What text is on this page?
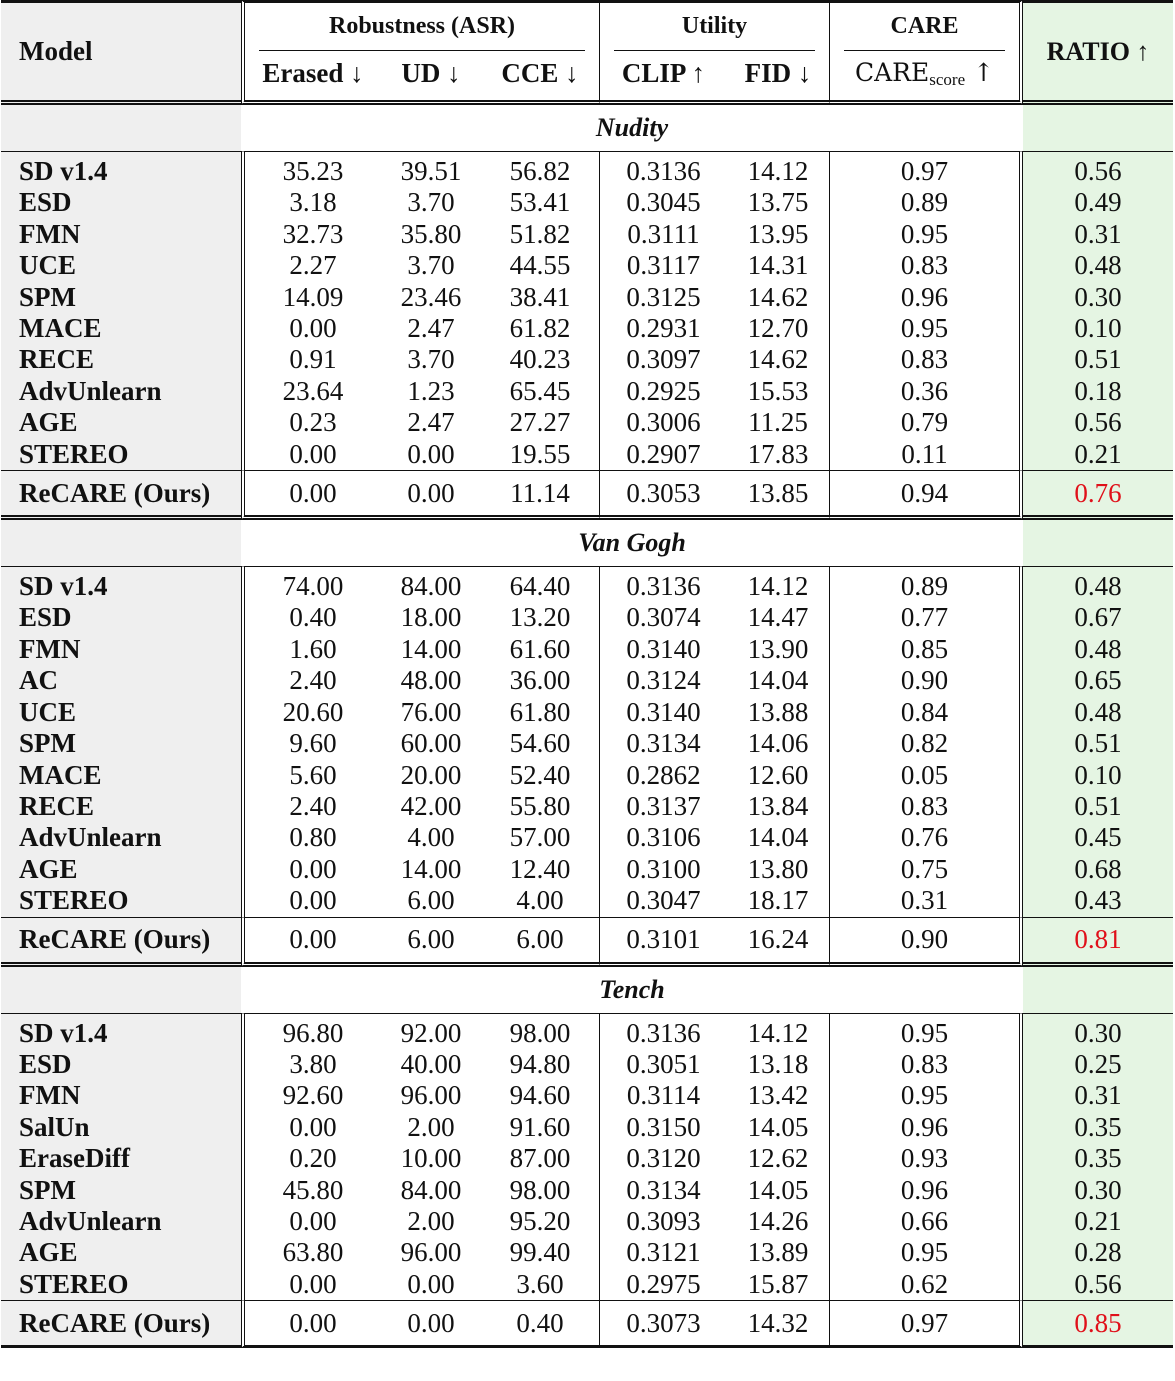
Model	Robustness (ASR)			Utility		CARE	RATIO ↑
	Erased ↓	UD ↓	CCE ↓	CLIP ↑	FID ↓	$CARE_{score}$ ↑	
	Nudity						
SD v1.4	35.23	39.51	56.82	0.3136	14.12	0.97	0.56
ESD	3.18	3.70	53.41	0.3045	13.75	0.89	0.49
FMN	32.73	35.80	51.82	0.3111	13.95	0.95	0.31
UCE	2.27	3.70	44.55	0.3117	14.31	0.83	0.48
SPM	14.09	23.46	38.41	0.3125	14.62	0.96	0.30
MACE	0.00	2.47	61.82	0.2931	12.70	0.95	0.10
RECE	0.91	3.70	40.23	0.3097	14.62	0.83	0.51
AdvUnlearn	23.64	1.23	65.45	0.2925	15.53	0.36	0.18
AGE	0.23	2.47	27.27	0.3006	11.25	0.79	0.56
STEREO	0.00	0.00	19.55	0.2907	17.83	0.11	0.21
ReCARE (Ours)	0.00	0.00	11.14	0.3053	13.85	0.94	0.76
	Van Gogh						
SD v1.4	74.00	84.00	64.40	0.3136	14.12	0.89	0.48
ESD	0.40	18.00	13.20	0.3074	14.47	0.77	0.67
FMN	1.60	14.00	61.60	0.3140	13.90	0.85	0.48
AC	2.40	48.00	36.00	0.3124	14.04	0.90	0.65
UCE	20.60	76.00	61.80	0.3140	13.88	0.84	0.48
SPM	9.60	60.00	54.60	0.3134	14.06	0.82	0.51
MACE	5.60	20.00	52.40	0.2862	12.60	0.05	0.10
RECE	2.40	42.00	55.80	0.3137	13.84	0.83	0.51
AdvUnlearn	0.80	4.00	57.00	0.3106	14.04	0.76	0.45
AGE	0.00	14.00	12.40	0.3100	13.80	0.75	0.68
STEREO	0.00	6.00	4.00	0.3047	18.17	0.31	0.43
ReCARE (Ours)	0.00	6.00	6.00	0.3101	16.24	0.90	0.81
	Tench						
SD v1.4	96.80	92.00	98.00	0.3136	14.12	0.95	0.30
ESD	3.80	40.00	94.80	0.3051	13.18	0.83	0.25
FMN	92.60	96.00	94.60	0.3114	13.42	0.95	0.31
SalUn	0.00	2.00	91.60	0.3150	14.05	0.96	0.35
EraseDiff	0.20	10.00	87.00	0.3120	12.62	0.93	0.35
SPM	45.80	84.00	98.00	0.3134	14.05	0.96	0.30
AdvUnlearn	0.00	2.00	95.20	0.3093	14.26	0.66	0.21
AGE	63.80	96.00	99.40	0.3121	13.89	0.95	0.28
STEREO	0.00	0.00	3.60	0.2975	15.87	0.62	0.56
ReCARE (Ours)	0.00	0.00	0.40	0.3073	14.32	0.97	0.85
